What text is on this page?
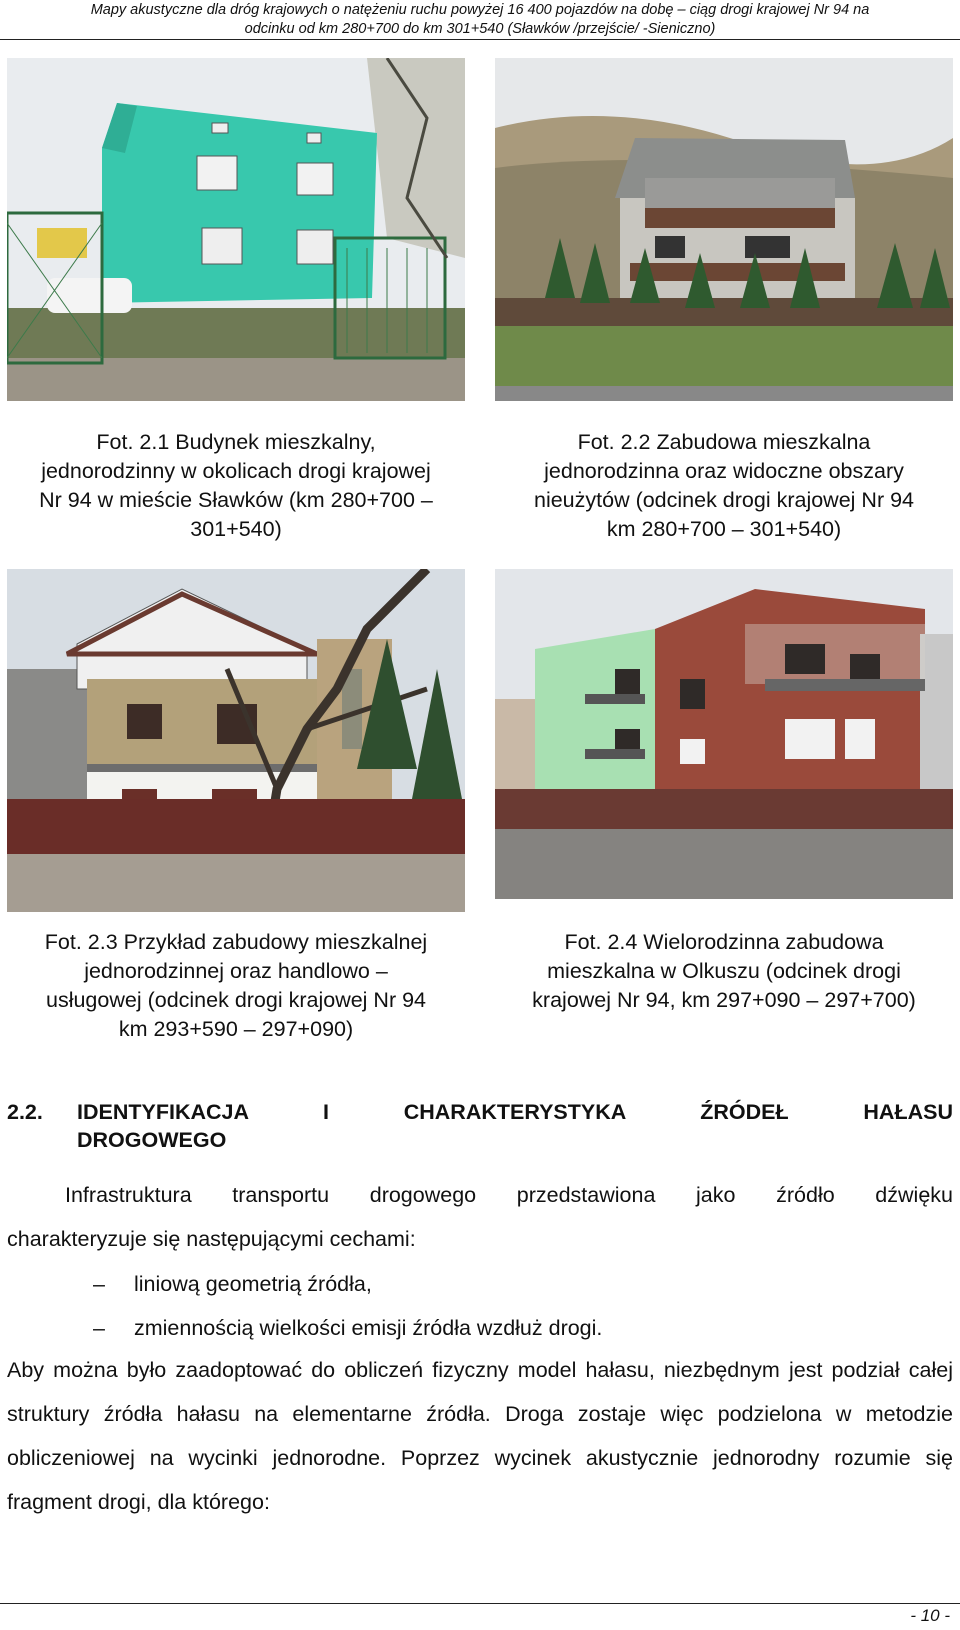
Mapy akustyczne dla dróg krajowych o natężeniu ruchu powyżej 16 400 pojazdów na dobę – ciąg drogi krajowej Nr 94 na
odcinku od km 280+700 do km 301+540 (Sławków /przejście/ -Sieniczno)
Fot. 2.1 Budynek mieszkalny,
jednorodzinny w okolicach drogi krajowej
Nr 94 w mieście Sławków (km 280+700 –
301+540)
Fot. 2.2 Zabudowa mieszkalna
jednorodzinna oraz widoczne obszary
nieużytów (odcinek drogi krajowej Nr 94
km 280+700 – 301+540)
Fot. 2.3 Przykład zabudowy mieszkalnej
jednorodzinnej oraz handlowo –
usługowej (odcinek drogi krajowej Nr 94
km 293+590 – 297+090)
Fot. 2.4 Wielorodzinna zabudowa
mieszkalna w Olkuszu (odcinek drogi
krajowej Nr 94, km 297+090 – 297+700)
2.2. IDENTYFIKACJA I CHARAKTERYSTYKA ŹRÓDEŁ HAŁASU
DROGOWEGO
Infrastruktura transportu drogowego przedstawiona jako źródło dźwięku
charakteryzuje się następującymi cechami:
– liniową geometrią źródła,
– zmiennością wielkości emisji źródła wzdłuż drogi.
Aby można było zaadoptować do obliczeń fizyczny model hałasu, niezbędnym jest podział całej struktury źródła hałasu na elementarne źródła. Droga zostaje więc podzielona w metodzie obliczeniowej na wycinki jednorodne. Poprzez wycinek akustycznie jednorodny rozumie się fragment drogi, dla którego:
- 10 -
